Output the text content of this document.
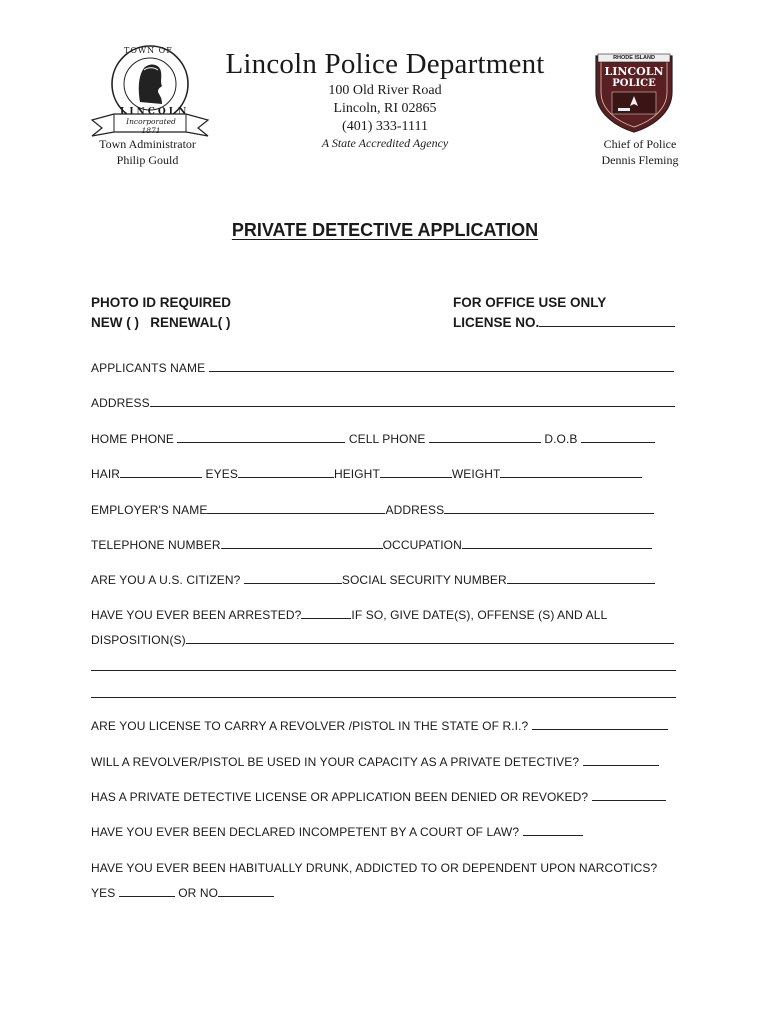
TOWN OF
LINCOLN
Incorporated 1871
RHODE ISLAND
LINCOLN
POLICE
Lincoln Police Department
100 Old River Road
Lincoln, RI 02865
(401) 333-1111
A State Accredited Agency
Town Administrator
Philip Gould
Chief of Police
Dennis Fleming
PRIVATE DETECTIVE APPLICATION
PHOTO ID REQUIRED
NEW ( )   RENEWAL( )
FOR OFFICE USE ONLY
LICENSE NO.
APPLICANTS NAME
ADDRESS
HOME PHONE	CELL PHONE	D.O.B
HAIR	EYES	HEIGHT	WEIGHT
EMPLOYER'S NAME	ADDRESS
TELEPHONE NUMBER	OCCUPATION
ARE YOU A U.S. CITIZEN?	SOCIAL SECURITY NUMBER
HAVE YOU EVER BEEN ARRESTED?	IF SO, GIVE DATE(S), OFFENSE (S) AND ALL
DISPOSITION(S)
ARE YOU LICENSE TO CARRY A REVOLVER /PISTOL IN THE STATE OF R.I.?
WILL A REVOLVER/PISTOL BE USED IN YOUR CAPACITY AS A PRIVATE DETECTIVE?
HAS A PRIVATE DETECTIVE LICENSE OR APPLICATION BEEN DENIED OR REVOKED?
HAVE YOU EVER BEEN DECLARED INCOMPETENT BY A COURT OF LAW?
HAVE YOU EVER BEEN HABITUALLY DRUNK, ADDICTED TO OR DEPENDENT UPON NARCOTICS?
YES	OR NO
